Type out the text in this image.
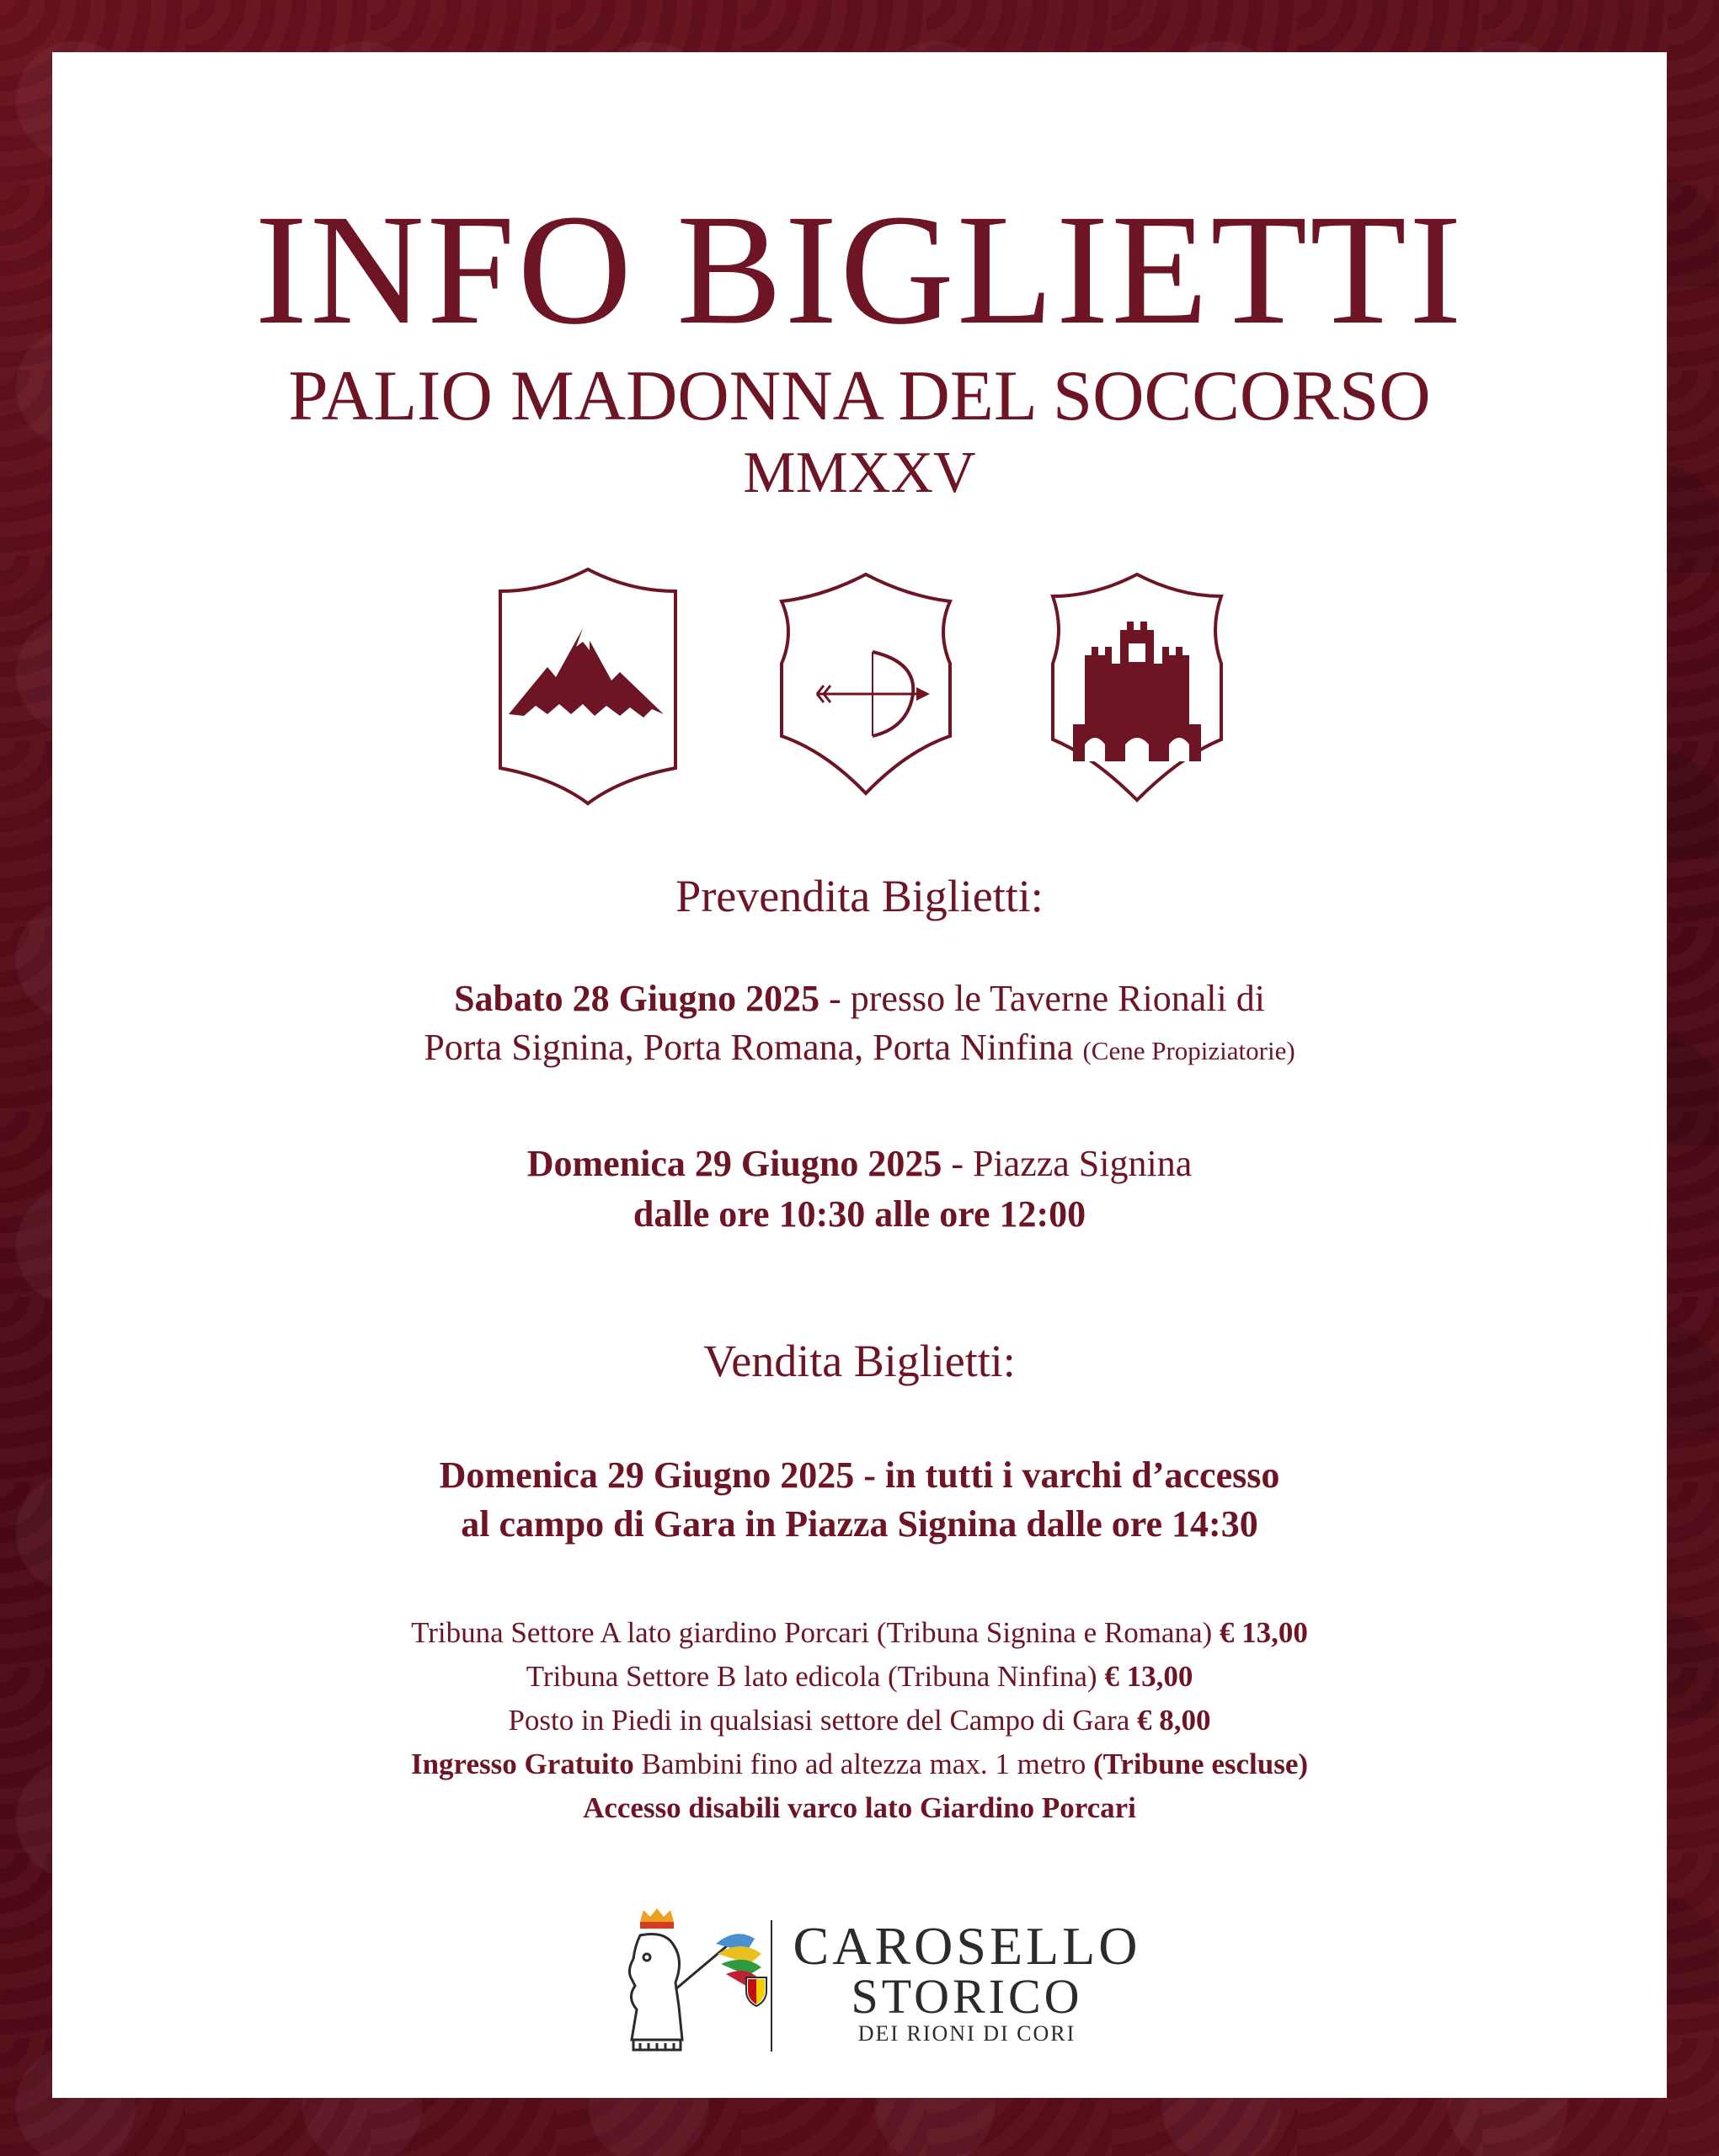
INFO BIGLIETTI
PALIO MADONNA DEL SOCCORSO
MMXXV
Prevendita Biglietti:
Sabato 28 Giugno 2025 - presso le Taverne Rionali di
Porta Signina, Porta Romana, Porta Ninfina (Cene Propiziatorie)
Domenica 29 Giugno 2025 - Piazza Signina
dalle ore 10:30 alle ore 12:00
Vendita Biglietti:
Domenica 29 Giugno 2025 - in tutti i varchi d’accesso
al campo di Gara in Piazza Signina dalle ore 14:30
Tribuna Settore A lato giardino Porcari (Tribuna Signina e Romana) € 13,00
Tribuna Settore B lato edicola (Tribuna Ninfina) € 13,00
Posto in Piedi in qualsiasi settore del Campo di Gara € 8,00
Ingresso Gratuito Bambini fino ad altezza max. 1 metro (Tribune escluse)
Accesso disabili varco lato Giardino Porcari
CAROSELLO
STORICO
DEI RIONI DI CORI
